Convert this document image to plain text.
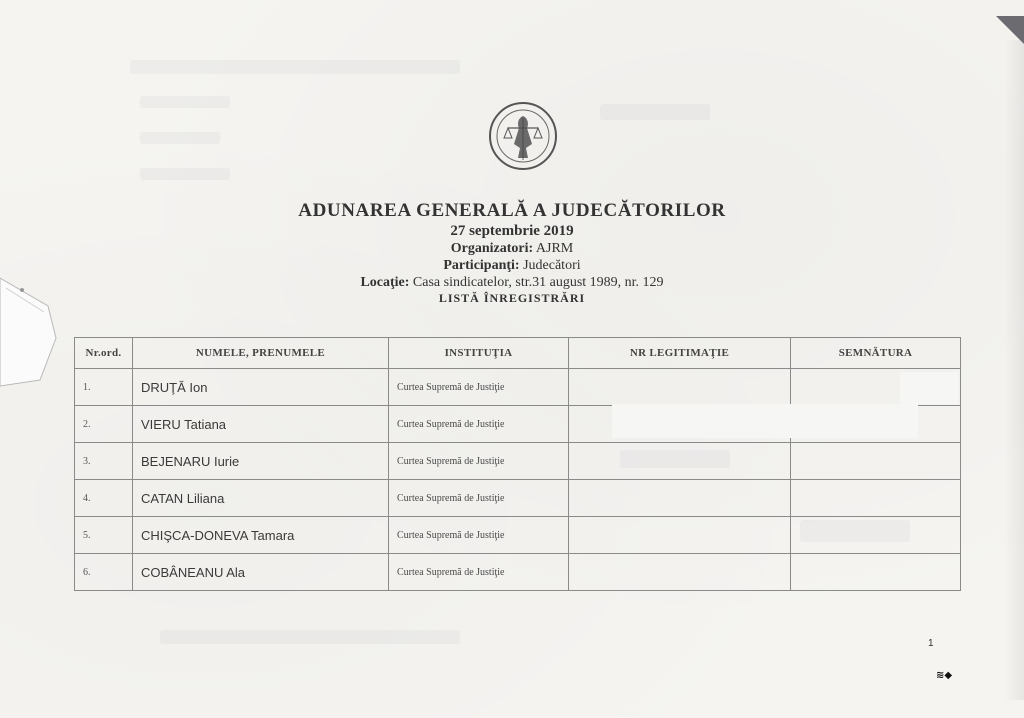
ADUNAREA GENERALĂ A JUDECĂTORILOR
27 septembrie 2019
Organizatori: AJRM
Participanţi: Judecători
Locaţie: Casa sindicatelor, str.31 august 1989, nr. 129
LISTĂ ÎNREGISTRĂRI
Nr.ord.	NUMELE, PRENUMELE	INSTITUŢIA	NR LEGITIMAŢIE	SEMNĂTURA
1.	DRUŢĂ Ion	Curtea Supremă de Justiţie		
2.	VIERU Tatiana	Curtea Supremă de Justiţie		
3.	BEJENARU Iurie	Curtea Supremă de Justiţie		
4.	CATAN Liliana	Curtea Supremă de Justiţie		
5.	CHIŞCA-DONEVA Tamara	Curtea Supremă de Justiţie		
6.	COBÂNEANU Ala	Curtea Supremă de Justiţie		
1
≋◆
